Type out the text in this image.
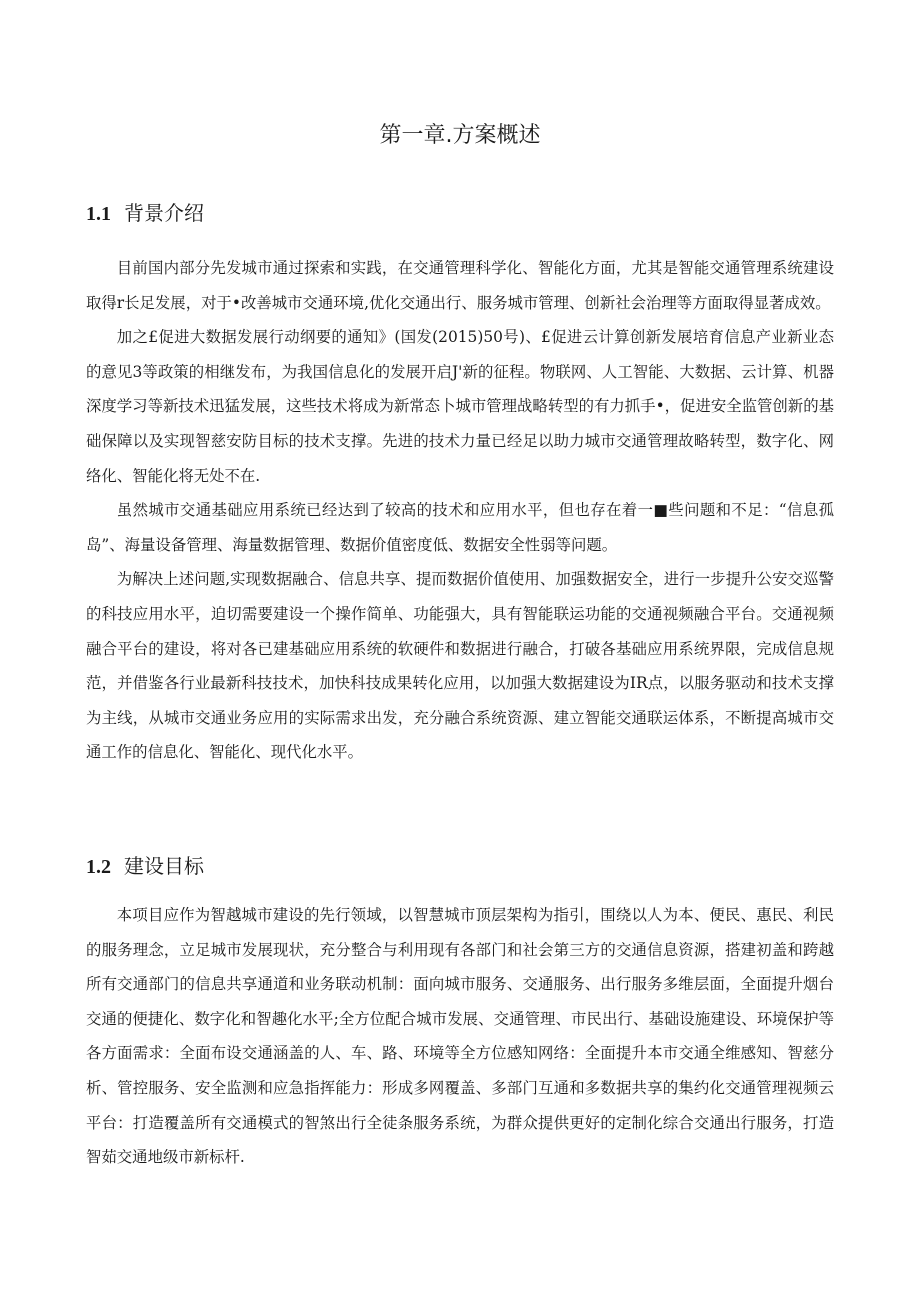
第一章.方案概述
1.1 背景介绍

目前国内部分先发城市通过探索和实践，在交通管理科学化、智能化方面，尤其是智能交通管理系统建设取得r长足发展，对于•改善城市交通环境,优化交通出行、服务城市管理、创新社会治理等方面取得显著成效。

加之£促进大数据发展行动纲要的通知》(国发(2015)50号)、£促进云计算创新发展培育信息产业新业态的意见3等政策的相继发布，为我国信息化的发展开启J'新的征程。物联网、人工智能、大数据、云计算、机器深度学习等新技术迅猛发展，这些技术将成为新常态卜城市管理战略转型的有力抓手•，促进安全监管创新的基础保障以及实现智慈安防目标的技术支撑。先进的技术力量已经足以助力城市交通管理故略转型，数字化、网络化、智能化将无处不在.

虽然城市交通基础应用系统已经达到了较高的技术和应用水平，但也存在着一■些问题和不足：“信息孤岛”、海量设备管理、海量数据管理、数据价值密度低、数据安全性弱等问题。

为解决上述问题,实现数据融合、信息共享、提而数据价值使用、加强数据安全，进行一步提升公安交巡警的科技应用水平，迫切需要建设一个操作简单、功能强大，具有智能联运功能的交通视频融合平台。交通视频融合平台的建设，将对各已建基础应用系统的软硬件和数据进行融合，打破各基础应用系统界限，完成信息规范，并借鉴各行业最新科技技术，加快科技成果转化应用，以加强大数据建设为IR点，以服务驱动和技术支撑为主线，从城市交通业务应用的实际需求出发，充分融合系统资源、建立智能交通联运体系，不断提高城市交通工作的信息化、智能化、现代化水平。

1.2 建设目标

本项目应作为智越城市建设的先行领域，以智慧城市顶层架构为指引，围绕以人为本、便民、惠民、利民的服务理念，立足城市发展现状，充分整合与利用现有各部门和社会第三方的交通信息资源，搭建初盖和跨越所有交通部门的信息共享通道和业务联动机制：面向城市服务、交通服务、出行服务多维层面，全面提升烟台交通的便捷化、数字化和智趣化水平;全方位配合城市发展、交通管理、市民出行、基础设施建设、环境保护等各方面需求：全面布设交通涵盖的人、车、路、环境等全方位感知网络：全面提升本市交通全维感知、智慈分析、管控服务、安全监测和应急指挥能力：形成多网覆盖、多部门互通和多数据共享的集约化交通管理视频云平台：打造覆盖所有交通模式的智煞出行全徒条服务系统，为群众提供更好的定制化综合交通出行服务，打造智茹交通地级市新标杆.
